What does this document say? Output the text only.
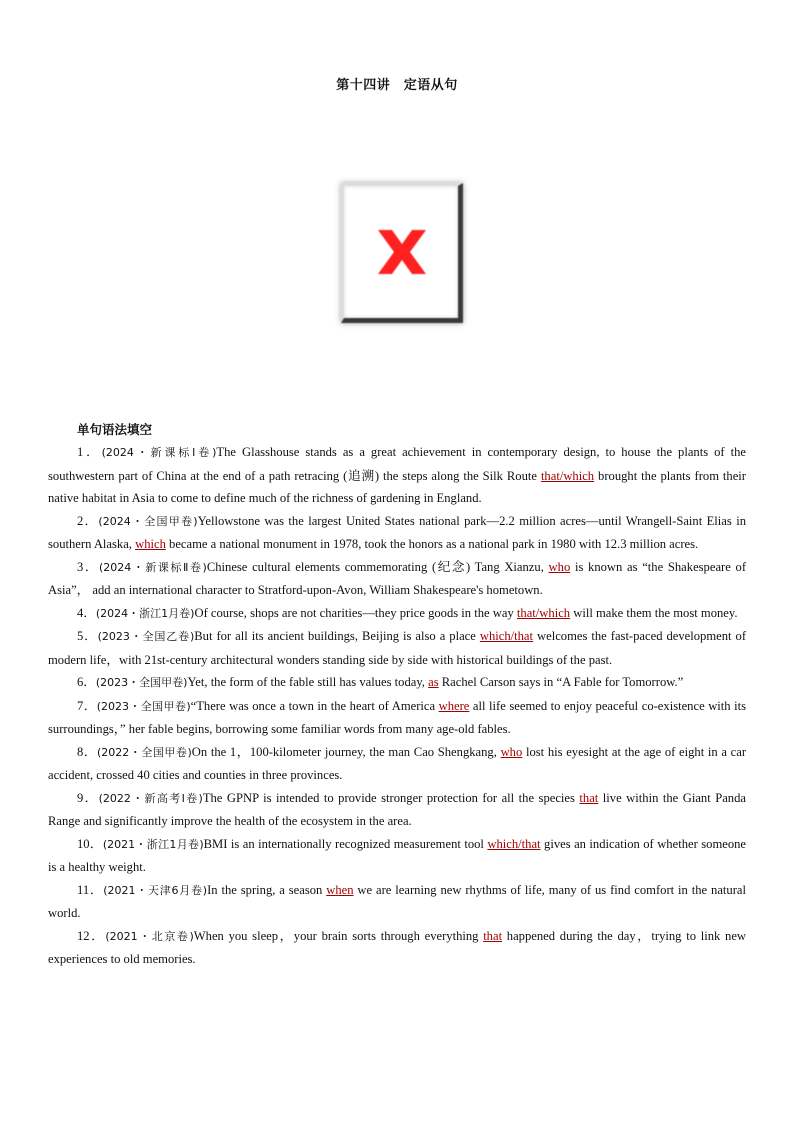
第十四讲　定语从句
单句语法填空

1．(2024・新课标Ⅰ卷)The Glasshouse stands as a great achievement in contemporary design, to house the plants of the southwestern part of China at the end of a path retracing (追溯) the steps along the Silk Route that/which brought the plants from their native habitat in Asia to come to define much of the richness of gardening in England.

2．(2024・全国甲卷)Yellowstone was the largest United States national park—2.2 million acres—until Wrangell-Saint Elias in southern Alaska, which became a national monument in 1978, took the honors as a national park in 1980 with 12.3 million acres.

3．(2024・新课标Ⅱ卷)Chinese cultural elements commemorating (纪念) Tang Xianzu, who is known as “the Shakespeare of Asia”， add an international character to Stratford-upon-Avon, William Shakespeare's hometown.

4．(2024・浙江1月卷)Of course, shops are not charities—they price goods in the way that/which will make them the most money.

5．(2023・全国乙卷)But for all its ancient buildings, Beijing is also a place which/that welcomes the fast-paced development of modern life，with 21st-century architectural wonders standing side by side with historical buildings of the past.

6．(2023・全国甲卷)Yet, the form of the fable still has values today, as Rachel Carson says in “A Fable for Tomorrow.”

7．(2023・全国甲卷)“There was once a town in the heart of America where all life seemed to enjoy peaceful co-existence with its surroundings，” her fable begins, borrowing some familiar words from many age-old fables.

8．(2022・全国甲卷)On the 1，100-kilometer journey, the man Cao Shengkang, who lost his eyesight at the age of eight in a car accident, crossed 40 cities and counties in three provinces.

9．(2022・新高考Ⅰ卷)The GPNP is intended to provide stronger protection for all the species that live within the Giant Panda Range and significantly improve the health of the ecosystem in the area.

10．(2021・浙江1月卷)BMI is an internationally recognized measurement tool which/that gives an indication of whether someone is a healthy weight.

11．(2021・天津6月卷)In the spring, a season when we are learning new rhythms of life, many of us find comfort in the natural world.

12．(2021・北京卷)When you sleep，your brain sorts through everything that happened during the day，trying to link new experiences to old memories.
